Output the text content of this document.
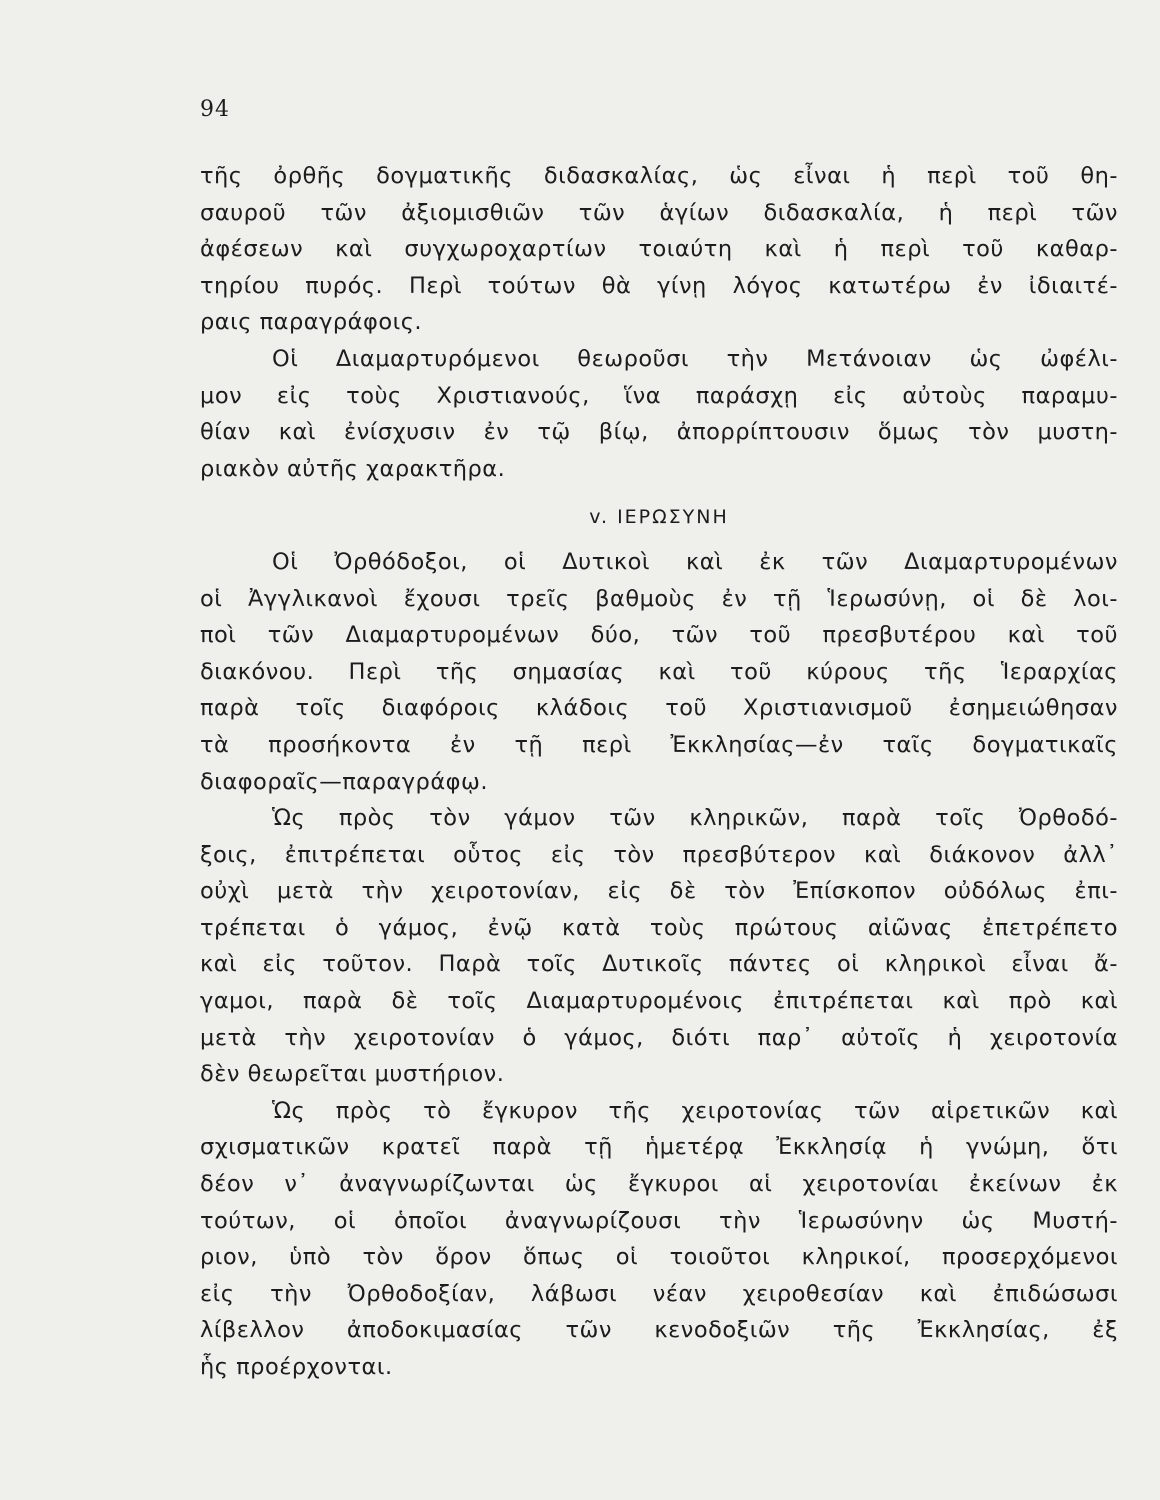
94
τῆς ὀρθῆς δογματικῆς διδασκαλίας, ὡς εἶναι ἡ περὶ τοῦ θη-
σαυροῦ τῶν ἀξιομισθιῶν τῶν ἁγίων διδασκαλία, ἡ περὶ τῶν
ἀφέσεων καὶ συγχωροχαρτίων τοιαύτη καὶ ἡ περὶ τοῦ καθαρ-
τηρίου πυρός. Περὶ τούτων θὰ γίνῃ λόγος κατωτέρω ἐν ἰδιαιτέ-
ραις παραγράφοις.
Οἱ Διαμαρτυρόμενοι θεωροῦσι τὴν Μετάνοιαν ὡς ὠφέλι-
μον εἰς τοὺς Χριστιανούς, ἵνα παράσχῃ εἰς αὐτοὺς παραμυ-
θίαν καὶ ἐνίσχυσιν ἐν τῷ βίῳ, ἀπορρίπτουσιν ὅμως τὸν μυστη-
ριακὸν αὐτῆς χαρακτῆρα.
v. ΙΕΡΩΣΥΝΗ
Οἱ Ὀρθόδοξοι, οἱ Δυτικοὶ καὶ ἐκ τῶν Διαμαρτυρομένων
οἱ Ἀγγλικανοὶ ἔχουσι τρεῖς βαθμοὺς ἐν τῇ Ἱερωσύνῃ, οἱ δὲ λοι-
ποὶ τῶν Διαμαρτυρομένων δύο, τῶν τοῦ πρεσβυτέρου καὶ τοῦ
διακόνου. Περὶ τῆς σημασίας καὶ τοῦ κύρους τῆς Ἱεραρχίας
παρὰ τοῖς διαφόροις κλάδοις τοῦ Χριστιανισμοῦ ἐσημειώθησαν
τὰ προσήκοντα ἐν τῇ περὶ Ἐκκλησίας—ἐν ταῖς δογματικαῖς
διαφοραῖς—παραγράφῳ.
Ὡς πρὸς τὸν γάμον τῶν κληρικῶν, παρὰ τοῖς Ὀρθοδό-
ξοις, ἐπιτρέπεται οὗτος εἰς τὸν πρεσβύτερον καὶ διάκονον ἀλλ᾽
οὐχὶ μετὰ τὴν χειροτονίαν, εἰς δὲ τὸν Ἐπίσκοπον οὐδόλως ἐπι-
τρέπεται ὁ γάμος, ἐνῷ κατὰ τοὺς πρώτους αἰῶνας ἐπετρέπετο
καὶ εἰς τοῦτον. Παρὰ τοῖς Δυτικοῖς πάντες οἱ κληρικοὶ εἶναι ἄ-
γαμοι, παρὰ δὲ τοῖς Διαμαρτυρομένοις ἐπιτρέπεται καὶ πρὸ καὶ
μετὰ τὴν χειροτονίαν ὁ γάμος, διότι παρ᾽ αὐτοῖς ἡ χειροτονία
δὲν θεωρεῖται μυστήριον.
Ὡς πρὸς τὸ ἔγκυρον τῆς χειροτονίας τῶν αἱρετικῶν καὶ
σχισματικῶν κρατεῖ παρὰ τῇ ἡμετέρᾳ Ἐκκλησίᾳ ἡ γνώμη, ὅτι
δέον ν᾽ ἀναγνωρίζωνται ὡς ἔγκυροι αἱ χειροτονίαι ἐκείνων ἐκ
τούτων, οἱ ὁποῖοι ἀναγνωρίζουσι τὴν Ἱερωσύνην ὡς Μυστή-
ριον, ὑπὸ τὸν ὅρον ὅπως οἱ τοιοῦτοι κληρικοί, προσερχόμενοι
εἰς τὴν Ὀρθοδοξίαν, λάβωσι νέαν χειροθεσίαν καὶ ἐπιδώσωσι
λίβελλον ἀποδοκιμασίας τῶν κενοδοξιῶν τῆς Ἐκκλησίας, ἐξ
ἧς προέρχονται.
